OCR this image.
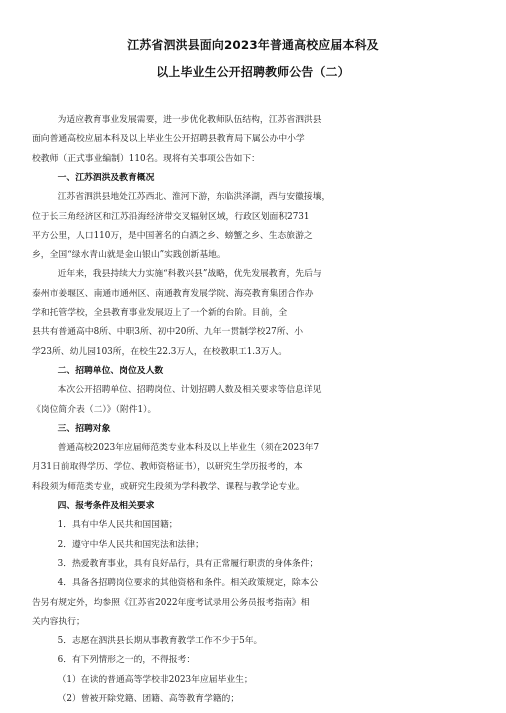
江苏省泗洪县面向2023年普通高校应届本科及
以上毕业生公开招聘教师公告（二）
为适应教育事业发展需要，进一步优化教师队伍结构，江苏省泗洪县
面向普通高校应届本科及以上毕业生公开招聘县教育局下属公办中小学
校教师（正式事业编制）110名。现将有关事项公告如下：
一、江苏泗洪及教育概况
江苏省泗洪县地处江苏西北、淮河下游，东临洪泽湖，西与安徽接壤，
位于长三角经济区和江苏沿海经济带交叉辐射区域，行政区划面积2731
平方公里，人口110万，是中国著名的白酒之乡、螃蟹之乡、生态旅游之
乡，全国“绿水青山就是金山银山”实践创新基地。
近年来，我县持续大力实施“科教兴县”战略，优先发展教育，先后与
泰州市姜堰区、南通市通州区、南通教育发展学院、海亮教育集团合作办
学和托管学校，全县教育事业发展迈上了一个新的台阶。目前，全
县共有普通高中8所、中职3所、初中20所、九年一贯制学校27所、小
学23所、幼儿园103所，在校生22.3万人，在校教职工1.3万人。
二、招聘单位、岗位及人数
本次公开招聘单位、招聘岗位、计划招聘人数及相关要求等信息详见
《岗位简介表（二）》（附件1）。
三、招聘对象
普通高校2023年应届师范类专业本科及以上毕业生（须在2023年7
月31日前取得学历、学位、教师资格证书），以研究生学历报考的，本
科段须为师范类专业，或研究生段须为学科教学、课程与教学论专业。
四、报考条件及相关要求
1．具有中华人民共和国国籍；
2．遵守中华人民共和国宪法和法律；
3．热爱教育事业，具有良好品行，具有正常履行职责的身体条件；
4．具备各招聘岗位要求的其他资格和条件。相关政策规定，除本公
告另有规定外，均参照《江苏省2022年度考试录用公务员报考指南》相
关内容执行；
5．志愿在泗洪县长期从事教育教学工作不少于5年。
6．有下列情形之一的，不得报考：
（1）在读的普通高等学校非2023年应届毕业生；
（2）曾被开除党籍、团籍、高等教育学籍的；
